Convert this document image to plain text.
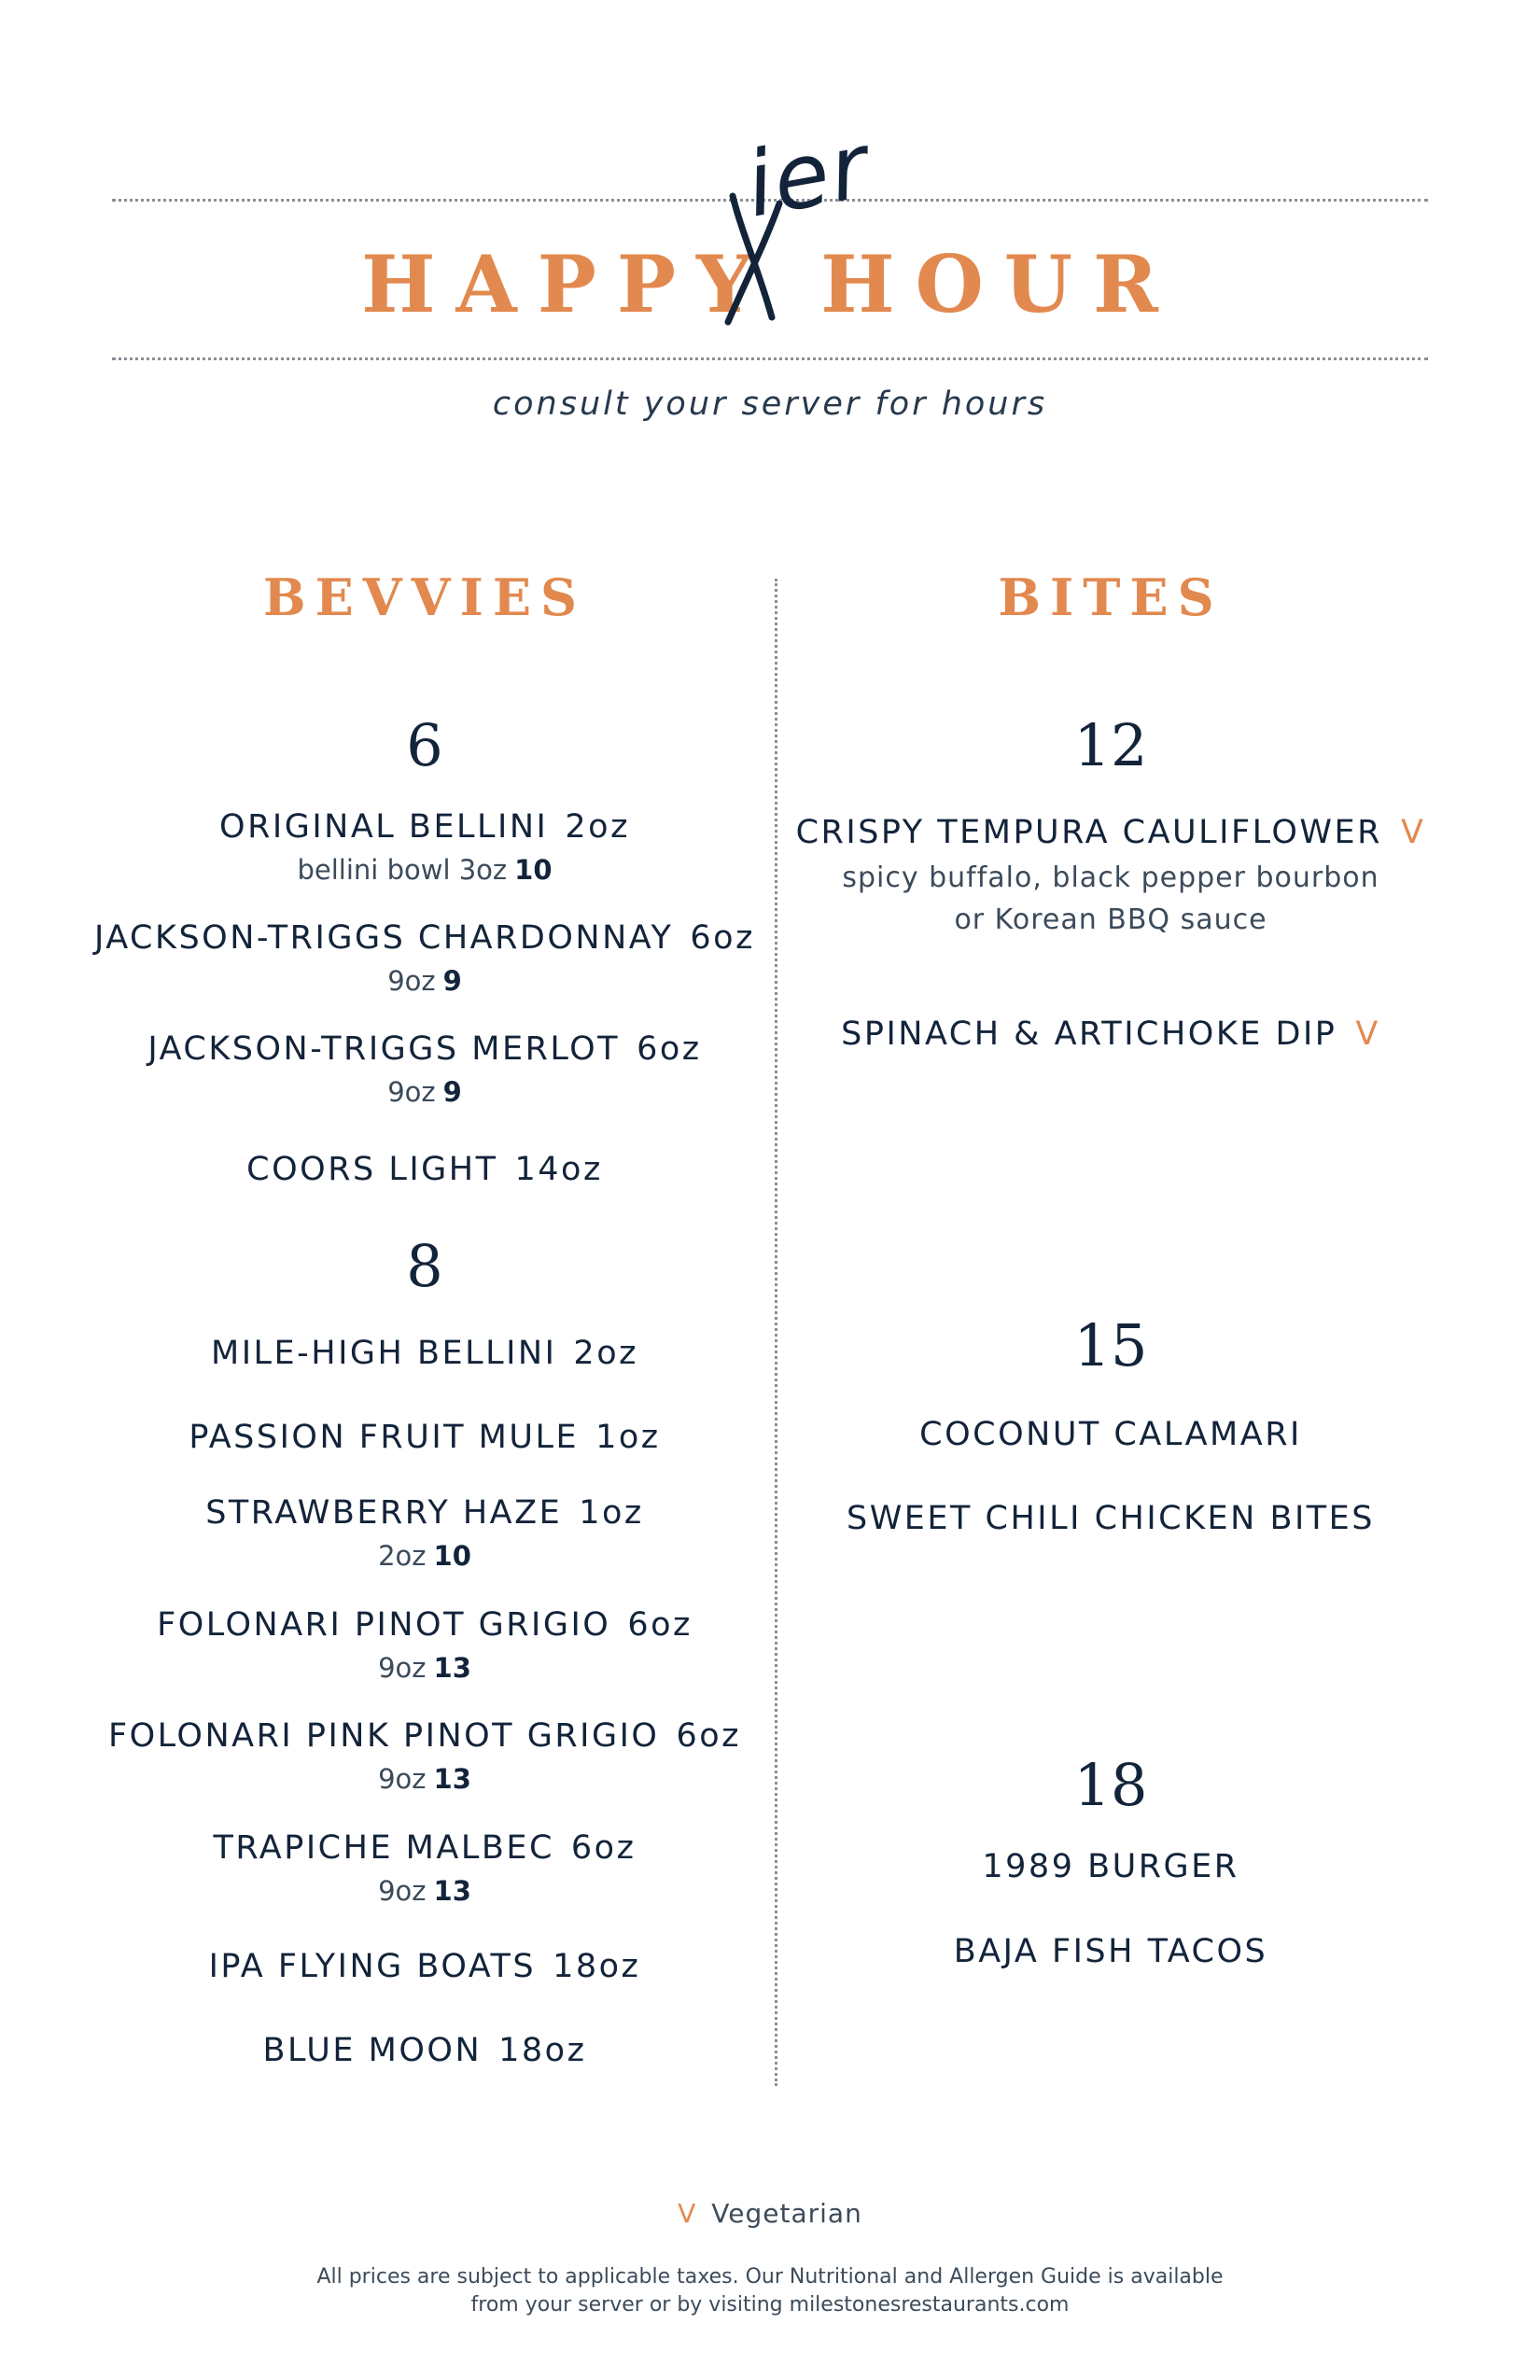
HAPPY HOUR
ier
consult your server for hours
BEVVIES
6
ORIGINAL BELLINI 2oz
bellini bowl 3oz 10
JACKSON-TRIGGS CHARDONNAY 6oz
9oz 9
JACKSON-TRIGGS MERLOT 6oz
9oz 9
COORS LIGHT 14oz
8
MILE-HIGH BELLINI 2oz
PASSION FRUIT MULE 1oz
STRAWBERRY HAZE 1oz
2oz 10
FOLONARI PINOT GRIGIO 6oz
9oz 13
FOLONARI PINK PINOT GRIGIO 6oz
9oz 13
TRAPICHE MALBEC 6oz
9oz 13
IPA FLYING BOATS 18oz
BLUE MOON 18oz
BITES
12
CRISPY TEMPURA CAULIFLOWER V
spicy buffalo, black pepper bourbon
or Korean BBQ sauce
SPINACH & ARTICHOKE DIP V
15
COCONUT CALAMARI
SWEET CHILI CHICKEN BITES
18
1989 BURGER
BAJA FISH TACOS
V Vegetarian
All prices are subject to applicable taxes. Our Nutritional and Allergen Guide is available
from your server or by visiting milestonesrestaurants.com
